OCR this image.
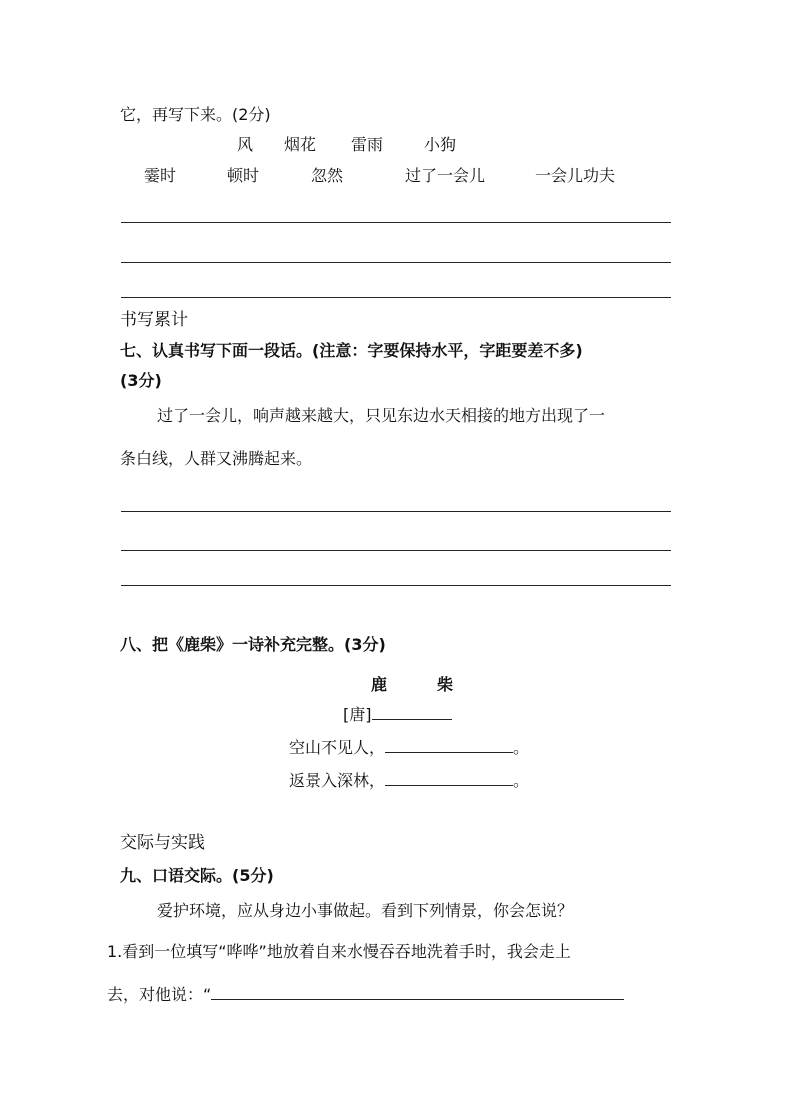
它，再写下来。(2分)
风 烟花 雷雨	小狗
霎时	顿时	忽然	过了一会儿	一会儿功夫
书写累计
七、认真书写下面一段话。(注意：字要保持水平，字距要差不多)
(3分)
过了一会儿，响声越来越大，只见东边水天相接的地方出现了一
条白线，人群又沸腾起来。
八、把《鹿柴》一诗补充完整。(3分)
鹿	柴
[唐]
空山不见人，	。
返景入深林，	。
交际与实践
九、口语交际。(5分)
爱护环境，应从身边小事做起。看到下列情景，你会怎说？
1.看到一位填写“哗哗”地放着自来水慢吞吞地洗着手时，我会走上
去，对他说：“
